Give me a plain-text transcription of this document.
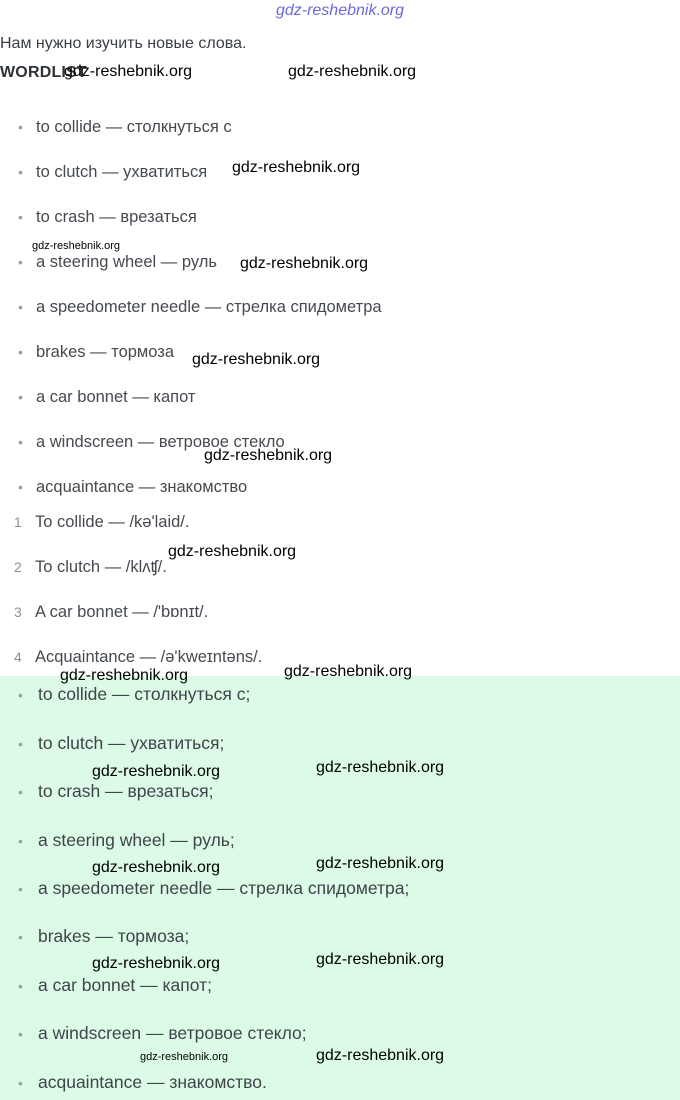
gdz-reshebnik.org
Нам нужно изучить новые слова.
WORDLIST
• to collide — столкнуться с
• to clutch — ухватиться
• to crash — врезаться
• a steering wheel — руль
• a speedometer needle — стрелка спидометра
• brakes — тормоза
• a car bonnet — капот
• a windscreen — ветровое стекло
• acquaintance — знакомство
1 To collide — /kə'laid/.
2 To clutch — /klʌʧ/.
3 A car bonnet — /'bɒnɪt/.
4 Acquaintance — /ə'kweɪntəns/.
• to collide — столкнуться с;
• to clutch — ухватиться;
• to crash — врезаться;
• a steering wheel — руль;
• a speedometer needle — стрелка спидометра;
• brakes — тормоза;
• a car bonnet — капот;
• a windscreen — ветровое стекло;
• acquaintance — знакомство.
gdz-reshebnik.org	gdz-reshebnik.org
gdz-reshebnik.org
gdz-reshebnik.org
gdz-reshebnik.org
gdz-reshebnik.org
gdz-reshebnik.org
gdz-reshebnik.org
gdz-reshebnik.org	gdz-reshebnik.org
gdz-reshebnik.org	gdz-reshebnik.org
gdz-reshebnik.org	gdz-reshebnik.org
gdz-reshebnik.org	gdz-reshebnik.org
gdz-reshebnik.org	gdz-reshebnik.org
